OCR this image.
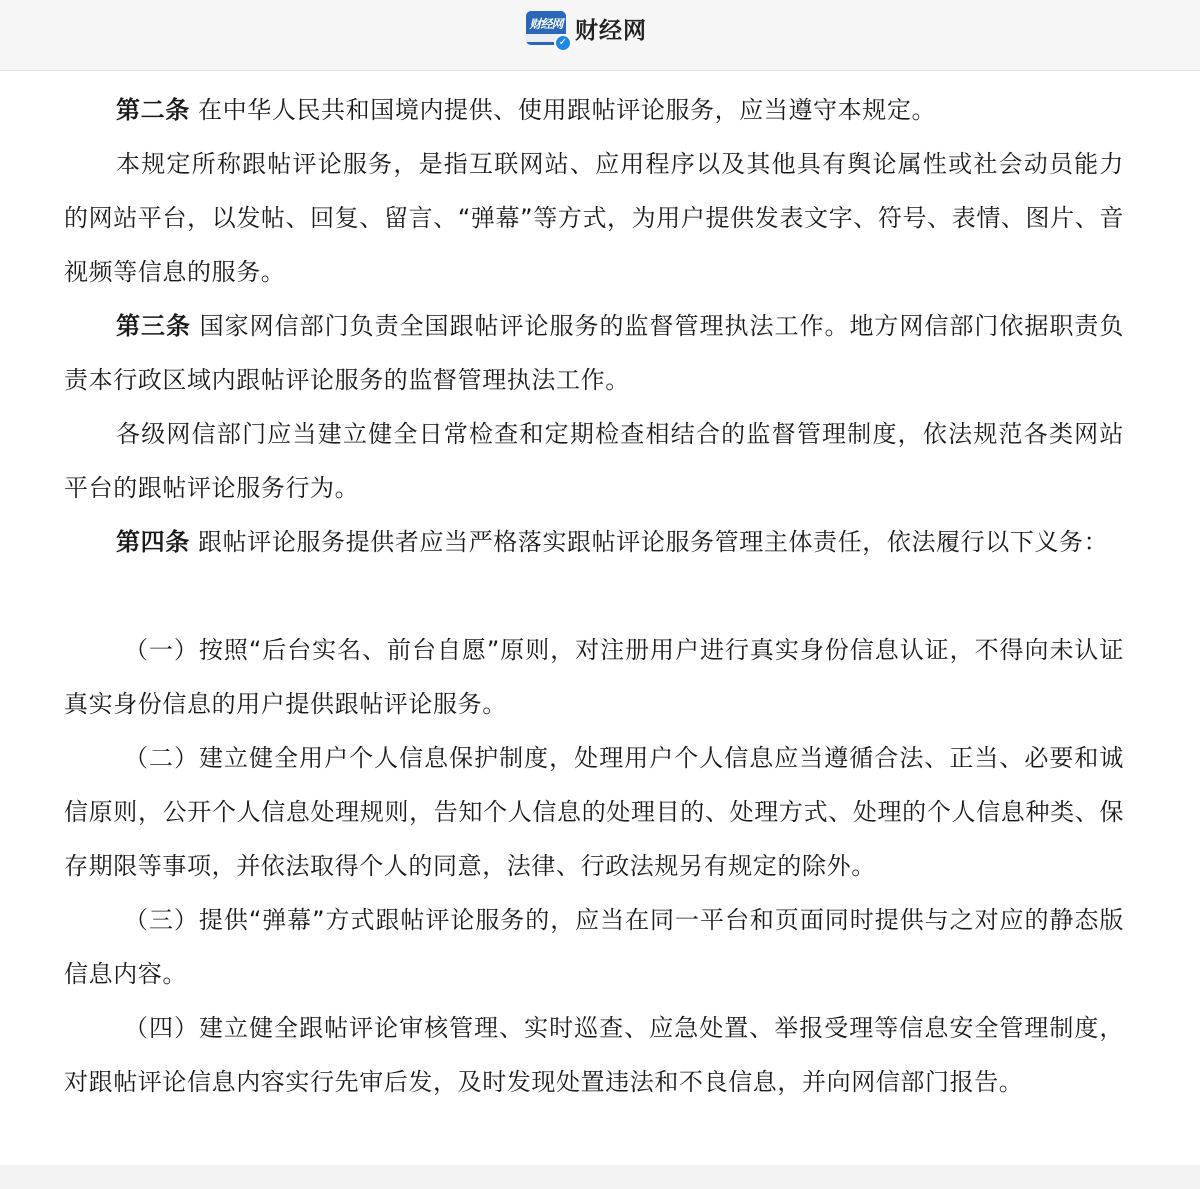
财经网 财经网
✓

第二条 在中华人民共和国境内提供、使用跟帖评论服务，应当遵守本规定。

本规定所称跟帖评论服务，是指互联网站、应用程序以及其他具有舆论属性或社会动员能力的网站平台，以发帖、回复、留言、“弹幕”等方式，为用户提供发表文字、符号、表情、图片、音视频等信息的服务。

第三条 国家网信部门负责全国跟帖评论服务的监督管理执法工作。地方网信部门依据职责负责本行政区域内跟帖评论服务的监督管理执法工作。

各级网信部门应当建立健全日常检查和定期检查相结合的监督管理制度，依法规范各类网站平台的跟帖评论服务行为。

第四条 跟帖评论服务提供者应当严格落实跟帖评论服务管理主体责任，依法履行以下义务：

（一）按照“后台实名、前台自愿”原则，对注册用户进行真实身份信息认证，不得向未认证真实身份信息的用户提供跟帖评论服务。

（二）建立健全用户个人信息保护制度，处理用户个人信息应当遵循合法、正当、必要和诚信原则，公开个人信息处理规则，告知个人信息的处理目的、处理方式、处理的个人信息种类、保存期限等事项，并依法取得个人的同意，法律、行政法规另有规定的除外。

（三）提供“弹幕”方式跟帖评论服务的，应当在同一平台和页面同时提供与之对应的静态版信息内容。

（四）建立健全跟帖评论审核管理、实时巡查、应急处置、举报受理等信息安全管理制度，对跟帖评论信息内容实行先审后发，及时发现处置违法和不良信息，并向网信部门报告。
